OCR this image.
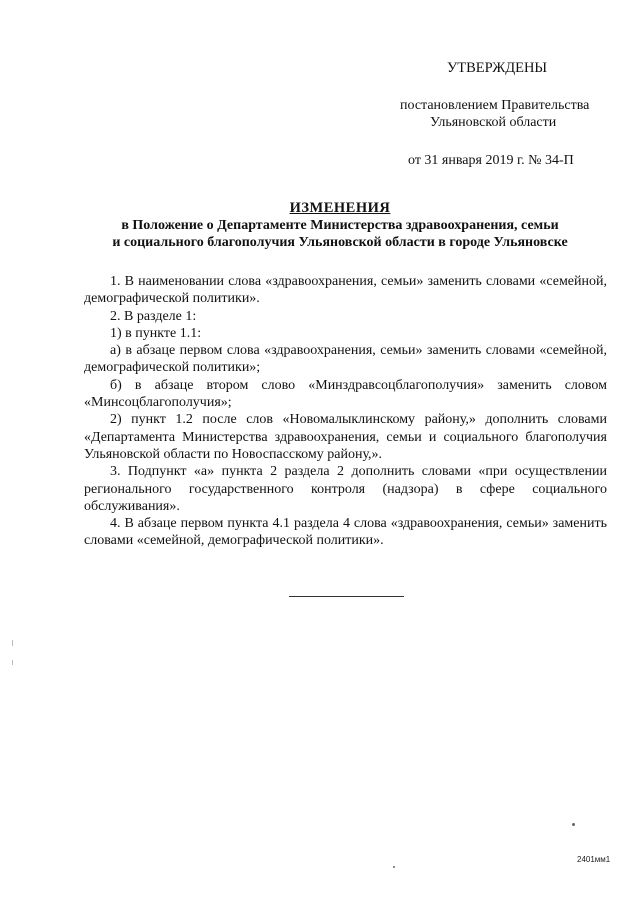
УТВЕРЖДЕНЫ
постановлением Правительства
Ульяновской области
от 31 января 2019 г. № 34-П
ИЗМЕНЕНИЯ
в Положение о Департаменте Министерства здравоохранения, семьи
и социального благополучия Ульяновской области в городе Ульяновске

1. В наименовании слова «здравоохранения, семьи» заменить словами «семейной, демографической политики».

2. В разделе 1:

1) в пункте 1.1:

а) в абзаце первом слова «здравоохранения, семьи» заменить словами «семейной, демографической политики»;

б) в абзаце втором слово «Минздравсоцблагополучия» заменить словом «Минсоцблагополучия»;

2) пункт 1.2 после слов «Новомалыклинскому району,» дополнить словами «Департамента Министерства здравоохранения, семьи и социального благополучия Ульяновской области по Новоспасскому району,».

3. Подпункт «а» пункта 2 раздела 2 дополнить словами «при осуществлении регионального государственного контроля (надзора) в сфере социального обслуживания».

4. В абзаце первом пункта 4.1 раздела 4 слова «здравоохранения, семьи» заменить словами «семейной, демографической политики».

2401мм1
